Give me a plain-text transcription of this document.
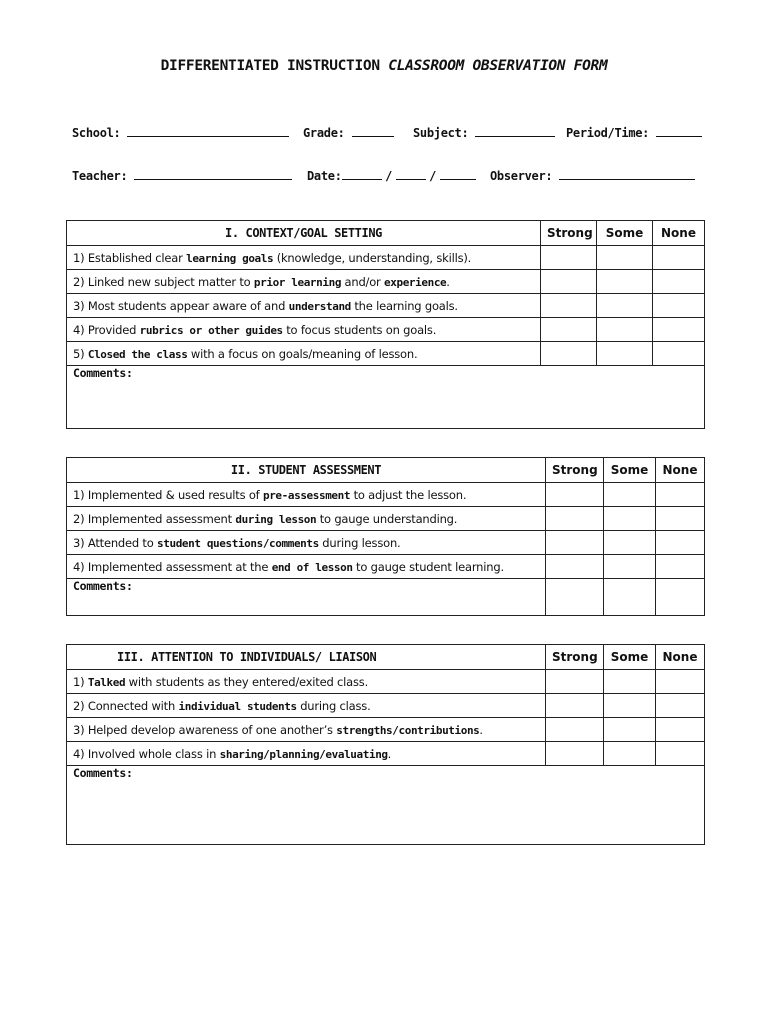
DIFFERENTIATED INSTRUCTION CLASSROOM OBSERVATION FORM
School:	Grade:	Subject:	Period/Time:
Teacher:	Date:	/	/	Observer:
I. CONTEXT/GOAL SETTING	Strong	Some	None
1) Established clear learning goals (knowledge, understanding, skills).			
2) Linked new subject matter to prior learning and/or experience.			
3) Most students appear aware of and understand the learning goals.			
4) Provided rubrics or other guides to focus students on goals.			
5) Closed the class with a focus on goals/meaning of lesson.			
Comments:			
II. STUDENT ASSESSMENT	Strong	Some	None
1) Implemented & used results of pre-assessment to adjust the lesson.			
2) Implemented assessment during lesson to gauge understanding.			
3) Attended to student questions/comments during lesson.			
4) Implemented assessment at the end of lesson to gauge student learning.			
Comments:			
III. ATTENTION TO INDIVIDUALS/ LIAISON	Strong	Some	None
1) Talked with students as they entered/exited class.			
2) Connected with individual students during class.			
3) Helped develop awareness of one another’s strengths/contributions.			
4) Involved whole class in sharing/planning/evaluating.			
Comments:			
